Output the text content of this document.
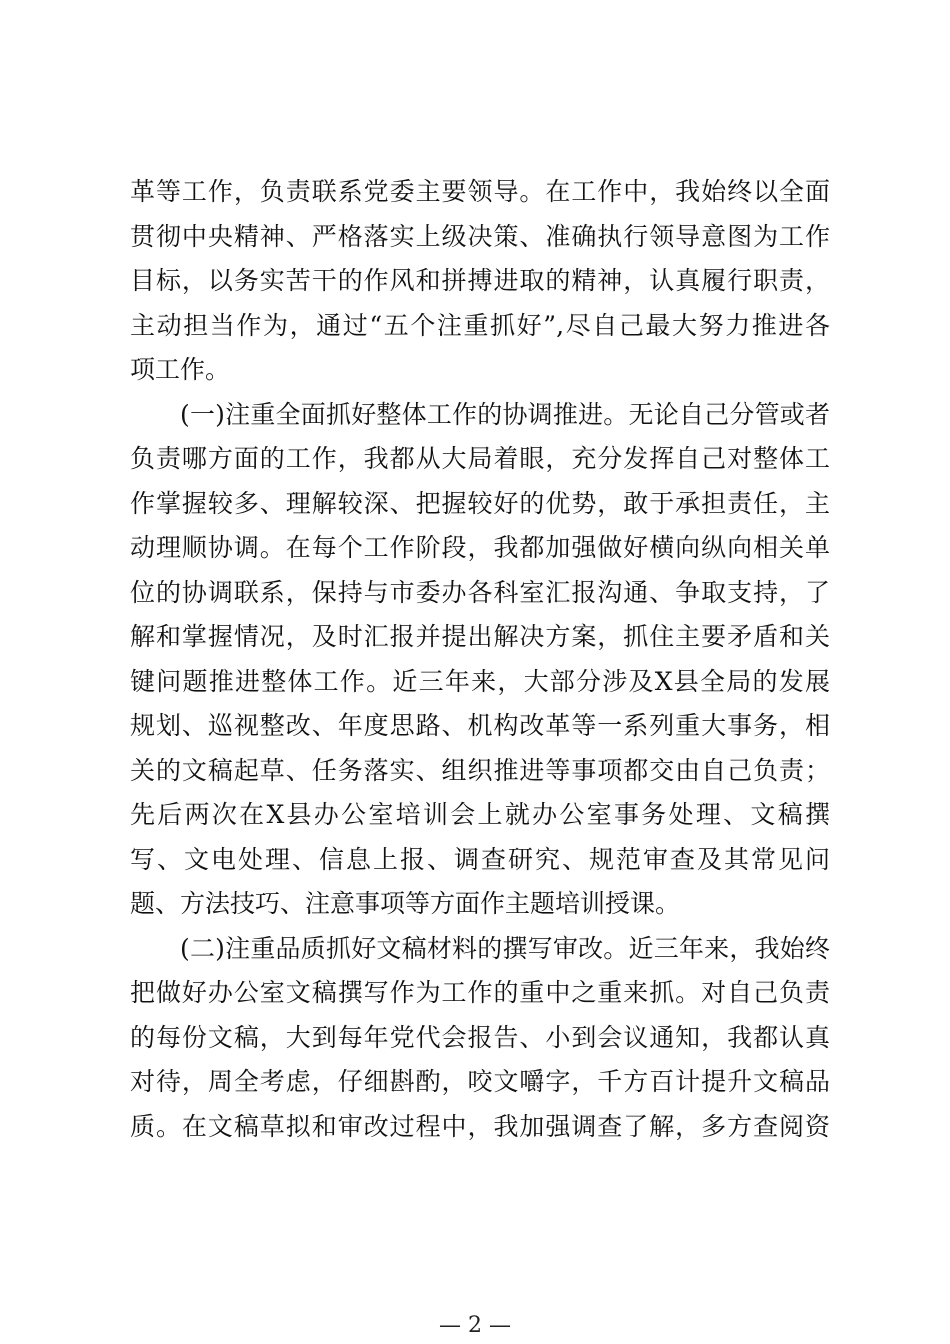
革等工作，负责联系党委主要领导。在工作中，我始终以全面
贯彻中央精神、严格落实上级决策、准确执行领导意图为工作
目标，以务实苦干的作风和拼搏进取的精神，认真履行职责，
主动担当作为，通过“五个注重抓好”,尽自己最大努力推进各
项工作。
(一)注重全面抓好整体工作的协调推进。无论自己分管或者
负责哪方面的工作，我都从大局着眼，充分发挥自己对整体工
作掌握较多、理解较深、把握较好的优势，敢于承担责任，主
动理顺协调。在每个工作阶段，我都加强做好横向纵向相关单
位的协调联系，保持与市委办各科室汇报沟通、争取支持，了
解和掌握情况，及时汇报并提出解决方案，抓住主要矛盾和关
键问题推进整体工作。近三年来，大部分涉及X县全局的发展
规划、巡视整改、年度思路、机构改革等一系列重大事务，相
关的文稿起草、任务落实、组织推进等事项都交由自己负责；
先后两次在X县办公室培训会上就办公室事务处理、文稿撰
写、文电处理、信息上报、调查研究、规范审查及其常见问
题、方法技巧、注意事项等方面作主题培训授课。
(二)注重品质抓好文稿材料的撰写审改。近三年来，我始终
把做好办公室文稿撰写作为工作的重中之重来抓。对自己负责
的每份文稿，大到每年党代会报告、小到会议通知，我都认真
对待，周全考虑，仔细斟酌，咬文嚼字，千方百计提升文稿品
质。在文稿草拟和审改过程中，我加强调查了解，多方查阅资
— 2 —
